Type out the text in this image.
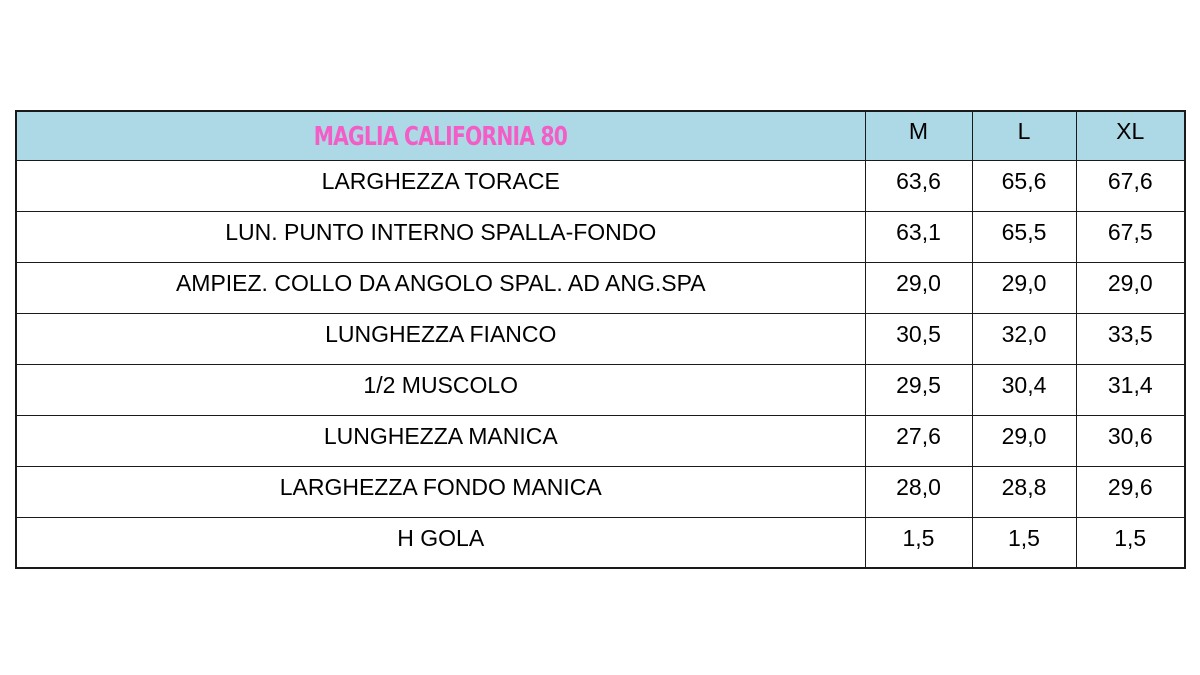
MAGLIA CALIFORNIA 80	M	L	XL
LARGHEZZA TORACE	63,6	65,6	67,6
LUN. PUNTO INTERNO SPALLA-FONDO	63,1	65,5	67,5
AMPIEZ. COLLO DA ANGOLO SPAL. AD ANG.SPA	29,0	29,0	29,0
LUNGHEZZA FIANCO	30,5	32,0	33,5
1/2 MUSCOLO	29,5	30,4	31,4
LUNGHEZZA MANICA	27,6	29,0	30,6
LARGHEZZA FONDO MANICA	28,0	28,8	29,6
H GOLA	1,5	1,5	1,5
